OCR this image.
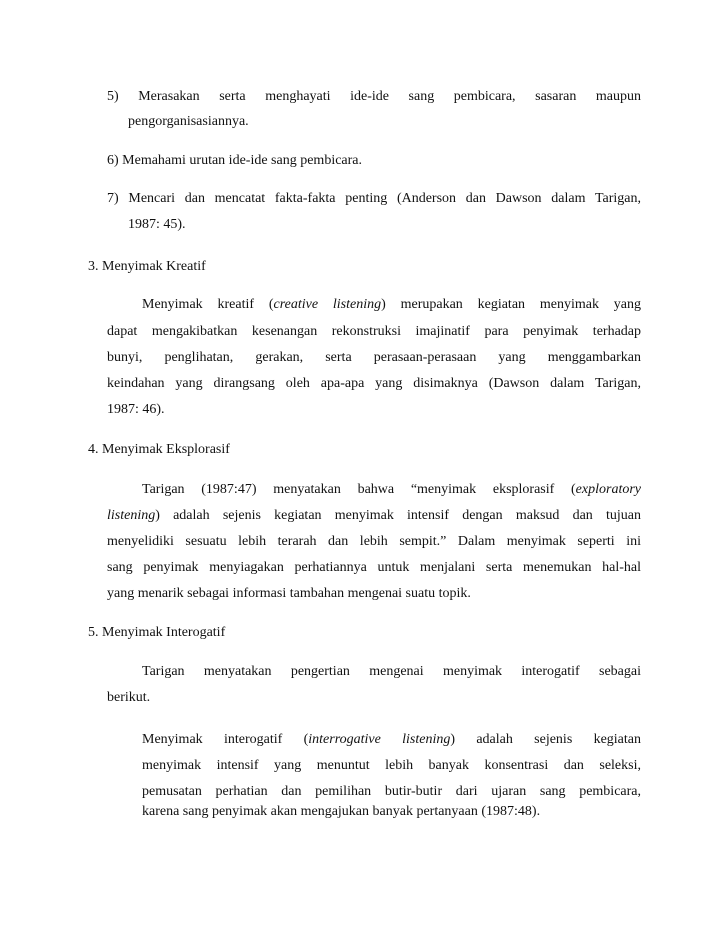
5) Merasakan serta menghayati ide-ide sang pembicara, sasaran maupun
pengorganisasiannya.
6) Memahami urutan ide-ide sang pembicara.
7) Mencari dan mencatat fakta-fakta penting (Anderson dan Dawson dalam Tarigan,
1987: 45).
3. Menyimak Kreatif
Menyimak kreatif (creative listening) merupakan kegiatan menyimak yang
dapat mengakibatkan kesenangan rekonstruksi imajinatif para penyimak terhadap
bunyi, penglihatan, gerakan, serta perasaan-perasaan yang menggambarkan
keindahan yang dirangsang oleh apa-apa yang disimaknya (Dawson dalam Tarigan,
1987: 46).
4. Menyimak Eksplorasif
Tarigan (1987:47) menyatakan bahwa “menyimak eksplorasif (exploratory
listening) adalah sejenis kegiatan menyimak intensif dengan maksud dan tujuan
menyelidiki sesuatu lebih terarah dan lebih sempit.” Dalam menyimak seperti ini
sang penyimak menyiagakan perhatiannya untuk menjalani serta menemukan hal-hal
yang menarik sebagai informasi tambahan mengenai suatu topik.
5. Menyimak Interogatif
Tarigan menyatakan pengertian mengenai menyimak interogatif sebagai
berikut.
Menyimak interogatif (interrogative listening) adalah sejenis kegiatan
menyimak intensif yang menuntut lebih banyak konsentrasi dan seleksi,
pemusatan perhatian dan pemilihan butir-butir dari ujaran sang pembicara,
karena sang penyimak akan mengajukan banyak pertanyaan (1987:48).
